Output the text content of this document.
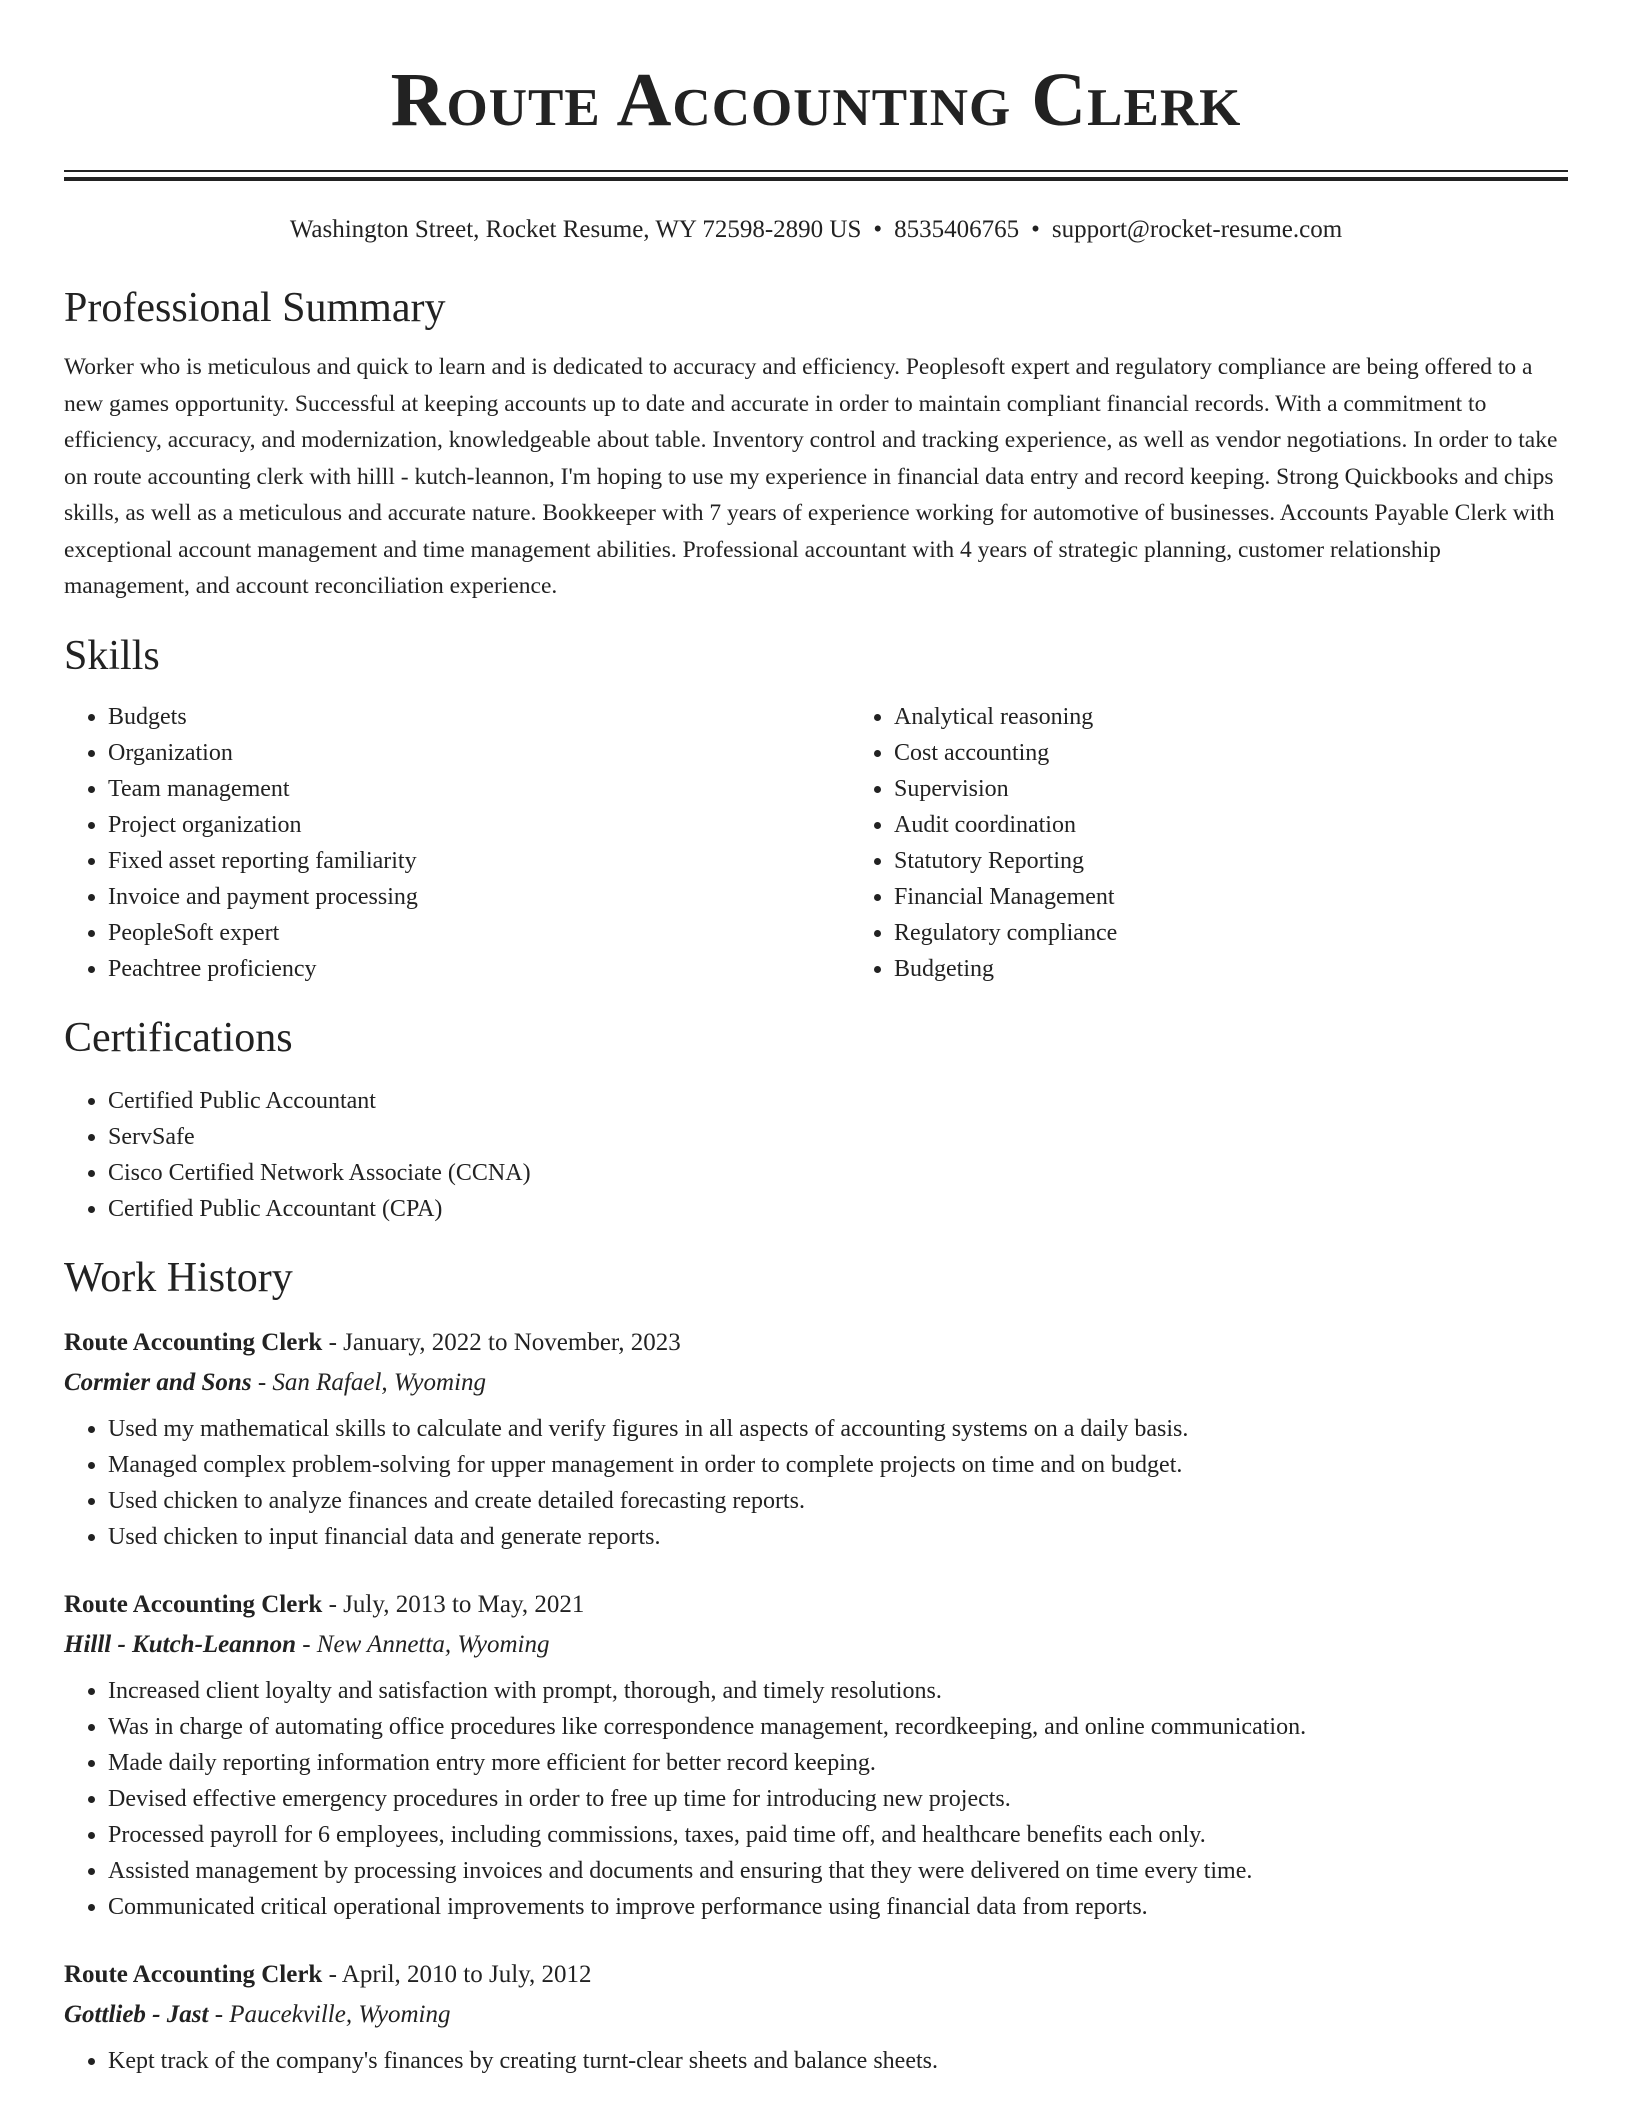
Route Accounting Clerk
Washington Street, Rocket Resume, WY 72598-2890 US • 8535406765 • support@rocket-resume.com
Professional Summary

Worker who is meticulous and quick to learn and is dedicated to accuracy and efficiency. Peoplesoft expert and regulatory compliance are being offered to a new games opportunity. Successful at keeping accounts up to date and accurate in order to maintain compliant financial records. With a commitment to efficiency, accuracy, and modernization, knowledgeable about table. Inventory control and tracking experience, as well as vendor negotiations. In order to take on route accounting clerk with hilll - kutch-leannon, I'm hoping to use my experience in financial data entry and record keeping. Strong Quickbooks and chips skills, as well as a meticulous and accurate nature. Bookkeeper with 7 years of experience working for automotive of businesses. Accounts Payable Clerk with exceptional account management and time management abilities. Professional accountant with 4 years of strategic planning, customer relationship management, and account reconciliation experience.

Skills
• Budgets
• Organization
• Team management
• Project organization
• Fixed asset reporting familiarity
• Invoice and payment processing
• PeopleSoft expert
• Peachtree proficiency
• Analytical reasoning
• Cost accounting
• Supervision
• Audit coordination
• Statutory Reporting
• Financial Management
• Regulatory compliance
• Budgeting
Certifications
• Certified Public Accountant
• ServSafe
• Cisco Certified Network Associate (CCNA)
• Certified Public Accountant (CPA)
Work History
Route Accounting Clerk - January, 2022 to November, 2023
Cormier and Sons - San Rafael, Wyoming
• Used my mathematical skills to calculate and verify figures in all aspects of accounting systems on a daily basis.
• Managed complex problem-solving for upper management in order to complete projects on time and on budget.
• Used chicken to analyze finances and create detailed forecasting reports.
• Used chicken to input financial data and generate reports.
Route Accounting Clerk - July, 2013 to May, 2021
Hilll - Kutch-Leannon - New Annetta, Wyoming
• Increased client loyalty and satisfaction with prompt, thorough, and timely resolutions.
• Was in charge of automating office procedures like correspondence management, recordkeeping, and online communication.
• Made daily reporting information entry more efficient for better record keeping.
• Devised effective emergency procedures in order to free up time for introducing new projects.
• Processed payroll for 6 employees, including commissions, taxes, paid time off, and healthcare benefits each only.
• Assisted management by processing invoices and documents and ensuring that they were delivered on time every time.
• Communicated critical operational improvements to improve performance using financial data from reports.
Route Accounting Clerk - April, 2010 to July, 2012
Gottlieb - Jast - Paucekville, Wyoming
• Kept track of the company's finances by creating turnt-clear sheets and balance sheets.
